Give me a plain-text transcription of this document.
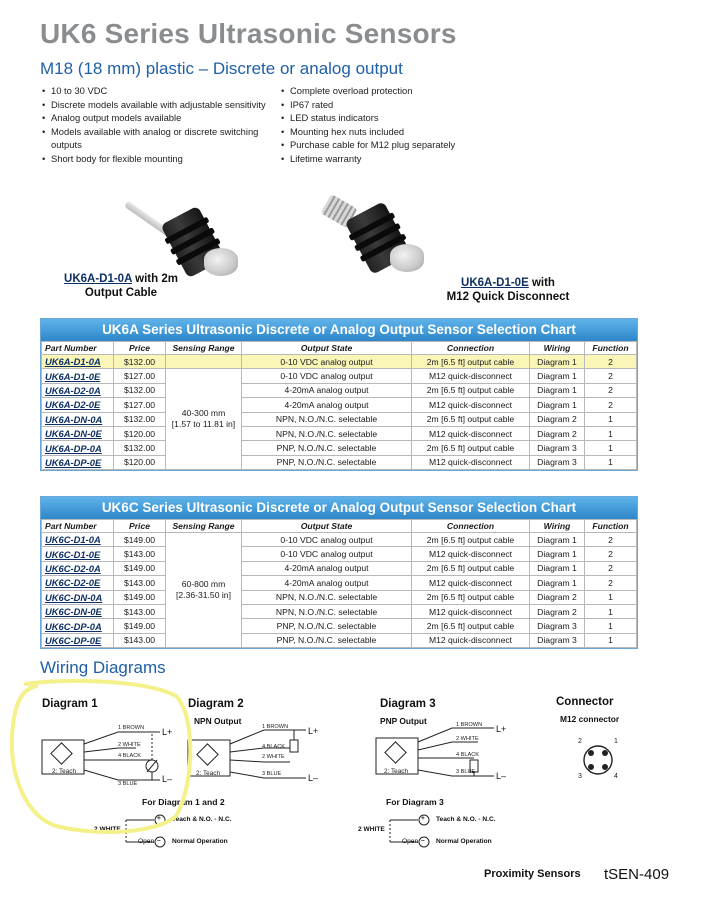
UK6 Series Ultrasonic Sensors
M18 (18 mm) plastic – Discrete or analog output
• 10 to 30 VDC
• Discrete models available with adjustable sensitivity
• Analog output models available
• Models available with analog or discrete switching outputs
• Short body for flexible mounting
• Complete overload protection
• IP67 rated
• LED status indicators
• Mounting hex nuts included
• Purchase cable for M12 plug separately
• Lifetime warranty
UK6A-D1-0A with 2m
Output Cable
UK6A-D1-0E with
M12 Quick Disconnect
UK6A Series Ultrasonic Discrete or Analog Output Sensor Selection Chart
Part Number	Price	Sensing Range	Output State	Connection	Wiring	Function
UK6A-D1-0A	$132.00		0-10 VDC analog output	2m [6.5 ft] output cable	Diagram 1	2
UK6A-D1-0E	$127.00	40-300 mm
[1.57 to 11.81 in]	0-10 VDC analog output	M12 quick-disconnect	Diagram 1	2
UK6A-D2-0A	$132.00		4-20mA analog output	2m [6.5 ft] output cable	Diagram 1	2
UK6A-D2-0E	$127.00		4-20mA analog output	M12 quick-disconnect	Diagram 1	2
UK6A-DN-0A	$132.00		NPN, N.O./N.C. selectable	2m [6.5 ft] output cable	Diagram 2	1
UK6A-DN-0E	$120.00		NPN, N.O./N.C. selectable	M12 quick-disconnect	Diagram 2	1
UK6A-DP-0A	$132.00		PNP, N.O./N.C. selectable	2m [6.5 ft] output cable	Diagram 3	1
UK6A-DP-0E	$120.00		PNP, N.O./N.C. selectable	M12 quick-disconnect	Diagram 3	1
UK6C Series Ultrasonic Discrete or Analog Output Sensor Selection Chart
Part Number	Price	Sensing Range	Output State	Connection	Wiring	Function
UK6C-D1-0A	$149.00	60-800 mm
[2.36-31.50 in]	0-10 VDC analog output	2m [6.5 ft] output cable	Diagram 1	2
UK6C-D1-0E	$143.00		0-10 VDC analog output	M12 quick-disconnect	Diagram 1	2
UK6C-D2-0A	$149.00		4-20mA analog output	2m [6.5 ft] output cable	Diagram 1	2
UK6C-D2-0E	$143.00		4-20mA analog output	M12 quick-disconnect	Diagram 1	2
UK6C-DN-0A	$149.00		NPN, N.O./N.C. selectable	2m [6.5 ft] output cable	Diagram 2	1
UK6C-DN-0E	$143.00		NPN, N.O./N.C. selectable	M12 quick-disconnect	Diagram 2	1
UK6C-DP-0A	$149.00		PNP, N.O./N.C. selectable	2m [6.5 ft] output cable	Diagram 3	1
UK6C-DP-0E	$143.00		PNP, N.O./N.C. selectable	M12 quick-disconnect	Diagram 3	1
Wiring Diagrams
Diagram 1
1 BROWN
2 WHITE
4 BLACK
3 BLUE
L+
L–
2: Teach
Diagram 2
NPN Output
1 BROWN
4 BLACK
2 WHITE
3 BLUE
L+
L–
2: Teach
Diagram 3
PNP Output	1 BROWN
2 WHITE
4 BLACK
3 BLUE
L+
L–
2: Teach
Connector
M12 connector
2	1
3	4
For Diagram 1 and 2
+
–
2 WHITE
Teach & N.O. - N.C.
Open	Normal Operation
For Diagram 3
+
–
2 WHITE
Teach & N.O. - N.C.
Open	Normal Operation
Proximity Sensors tSEN-409
